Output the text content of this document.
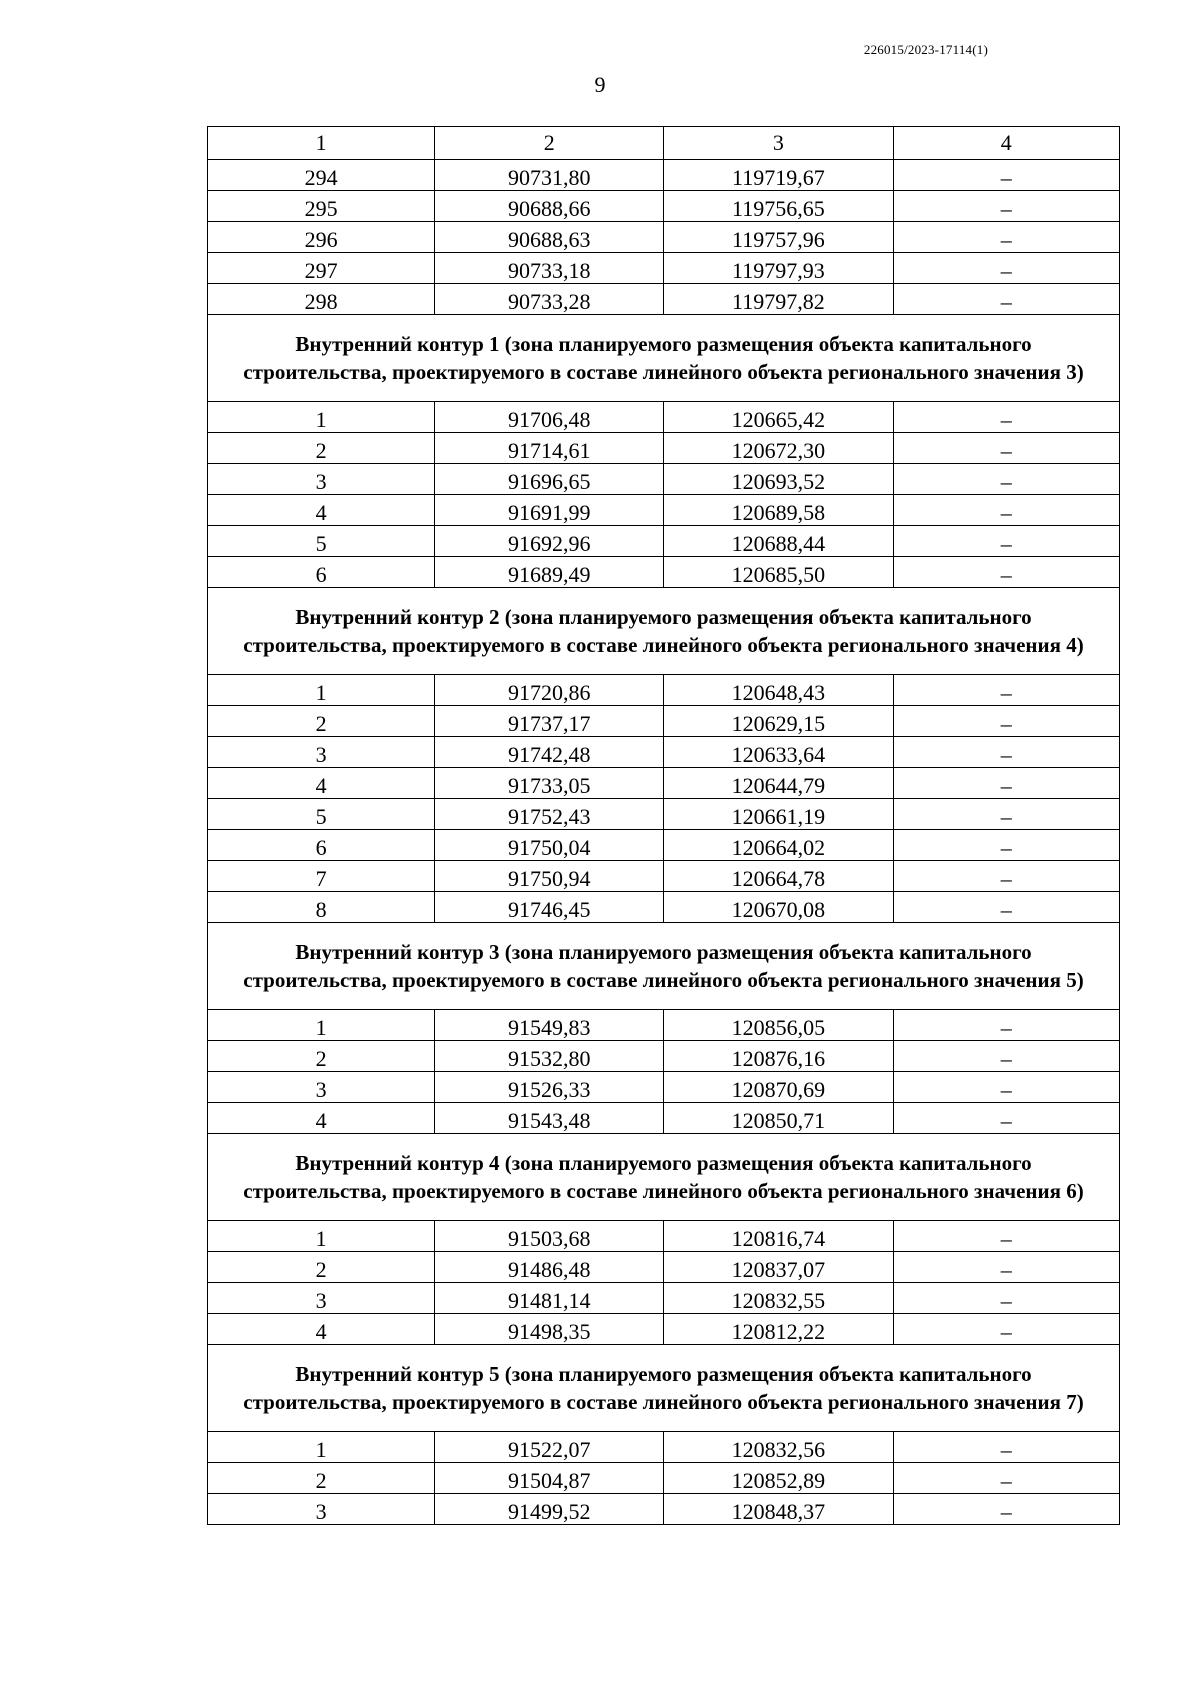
226015/2023-17114(1)
9
1	2	3	4
294	90731,80	119719,67	–
295	90688,66	119756,65	–
296	90688,63	119757,96	–
297	90733,18	119797,93	–
298	90733,28	119797,82	–
Внутренний контур 1 (зона планируемого размещения объекта капитального строительства, проектируемого в составе линейного объекта регионального значения 3)			
1	91706,48	120665,42	–
2	91714,61	120672,30	–
3	91696,65	120693,52	–
4	91691,99	120689,58	–
5	91692,96	120688,44	–
6	91689,49	120685,50	–
Внутренний контур 2 (зона планируемого размещения объекта капитального строительства, проектируемого в составе линейного объекта регионального значения 4)			
1	91720,86	120648,43	–
2	91737,17	120629,15	–
3	91742,48	120633,64	–
4	91733,05	120644,79	–
5	91752,43	120661,19	–
6	91750,04	120664,02	–
7	91750,94	120664,78	–
8	91746,45	120670,08	–
Внутренний контур 3 (зона планируемого размещения объекта капитального строительства, проектируемого в составе линейного объекта регионального значения 5)			
1	91549,83	120856,05	–
2	91532,80	120876,16	–
3	91526,33	120870,69	–
4	91543,48	120850,71	–
Внутренний контур 4 (зона планируемого размещения объекта капитального строительства, проектируемого в составе линейного объекта регионального значения 6)			
1	91503,68	120816,74	–
2	91486,48	120837,07	–
3	91481,14	120832,55	–
4	91498,35	120812,22	–
Внутренний контур 5 (зона планируемого размещения объекта капитального строительства, проектируемого в составе линейного объекта регионального значения 7)			
1	91522,07	120832,56	–
2	91504,87	120852,89	–
3	91499,52	120848,37	–
